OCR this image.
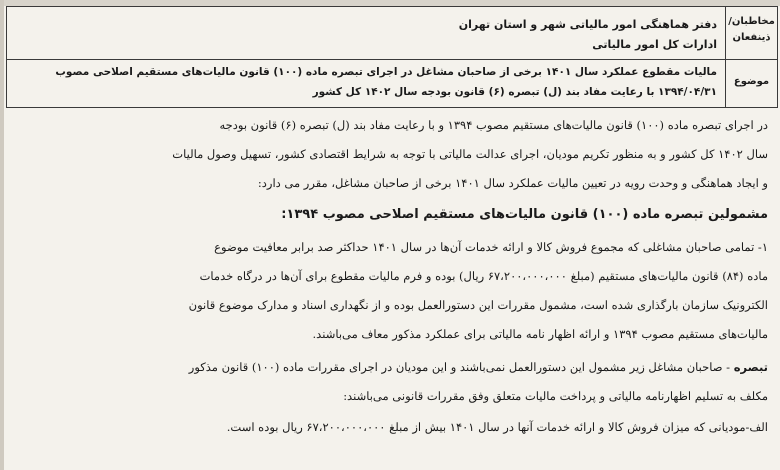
مخاطبان/ ذینفعان
دفتر هماهنگی امور مالیاتی شهر و استان تهران
ادارات کل امور مالیاتی
موضوع
مالیات مقطوع عملکرد سال ۱۴۰۱ برخی از صاحبان مشاغل در اجرای تبصره ماده (۱۰۰) قانون مالیات‌های مستقیم اصلاحی مصوب
۱۳۹۴/۰۴/۳۱ با رعایت مفاد بند (ل) تبصره (۶) قانون بودجه سال ۱۴۰۲ کل کشور
در اجرای تبصره ماده (۱۰۰) قانون مالیات‌های مستقیم مصوب ۱۳۹۴ و با رعایت مفاد بند (ل) تبصره (۶) قانون بودجه
سال ۱۴۰۲ کل کشور و به منظور تکریم مودیان، اجرای عدالت مالیاتی با توجه به شرایط اقتصادی کشور، تسهیل وصول مالیات
و ایجاد هماهنگی و وحدت رویه در تعیین مالیات عملکرد سال ۱۴۰۱ برخی از صاحبان مشاغل، مقرر می دارد:
مشمولین تبصره ماده (۱۰۰) قانون مالیات‌های مستقیم اصلاحی مصوب ۱۳۹۴:
۱- تمامی صاحبان مشاغلی که مجموع فروش کالا و ارائه خدمات آن‌ها در سال ۱۴۰۱ حداکثر صد برابر معافیت موضوع
ماده (۸۴) قانون مالیات‌های مستقیم (مبلغ ۶۷،۲۰۰،۰۰۰،۰۰۰ ریال) بوده و فرم مالیات مقطوع برای آن‌ها در درگاه خدمات
الکترونیک سازمان بارگذاری شده است، مشمول مقررات این دستورالعمل بوده و از نگهداری اسناد و مدارک موضوع قانون
مالیات‌های مستقیم مصوب ۱۳۹۴ و ارائه اظهار نامه مالیاتی برای عملکرد مذکور معاف می‌باشند.
تبصره - صاحبان مشاغل زیر مشمول این دستورالعمل نمی‌باشند و این مودیان در اجرای مقررات ماده (۱۰۰) قانون مذکور
مکلف به تسلیم اظهارنامه مالیاتی و پرداخت مالیات متعلق وفق مقررات قانونی می‌باشند:
الف-مودیانی که میزان فروش کالا و ارائه خدمات آنها در سال ۱۴۰۱ بیش از مبلغ ۶۷،۲۰۰،۰۰۰،۰۰۰ ریال بوده است.
